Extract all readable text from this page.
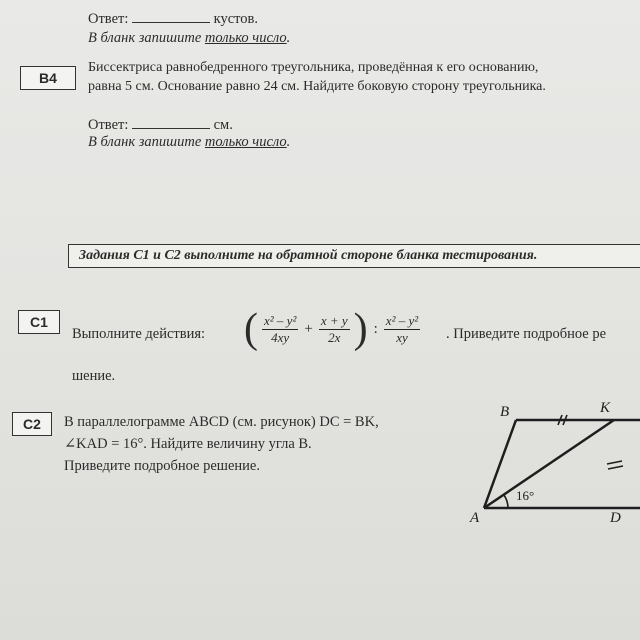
Ответ:	кустов.
В бланк запишите только число.
B4
Биссектриса равнобедренного треугольника, проведённая к его основанию,
равна 5 см. Основание равно 24 см. Найдите боковую сторону треугольника.
Ответ:	см.
В бланк запишите только число.
Задания С1 и С2 выполните на обратной стороне бланка тестирования.
C1
Выполните действия: ( $\frac{\text{x² – y²}}{4xy} + \frac{x + y}{2x}$ ) : $\frac{\text{x² – y²}}{xy}$ . Приведите подробное ре
шение.
C2	В параллелограмме ABCD (см. рисунок) DC = BK,
∠KAD = 16°. Найдите величину угла B.
Приведите подробное решение.
B	K
A	D
16°
